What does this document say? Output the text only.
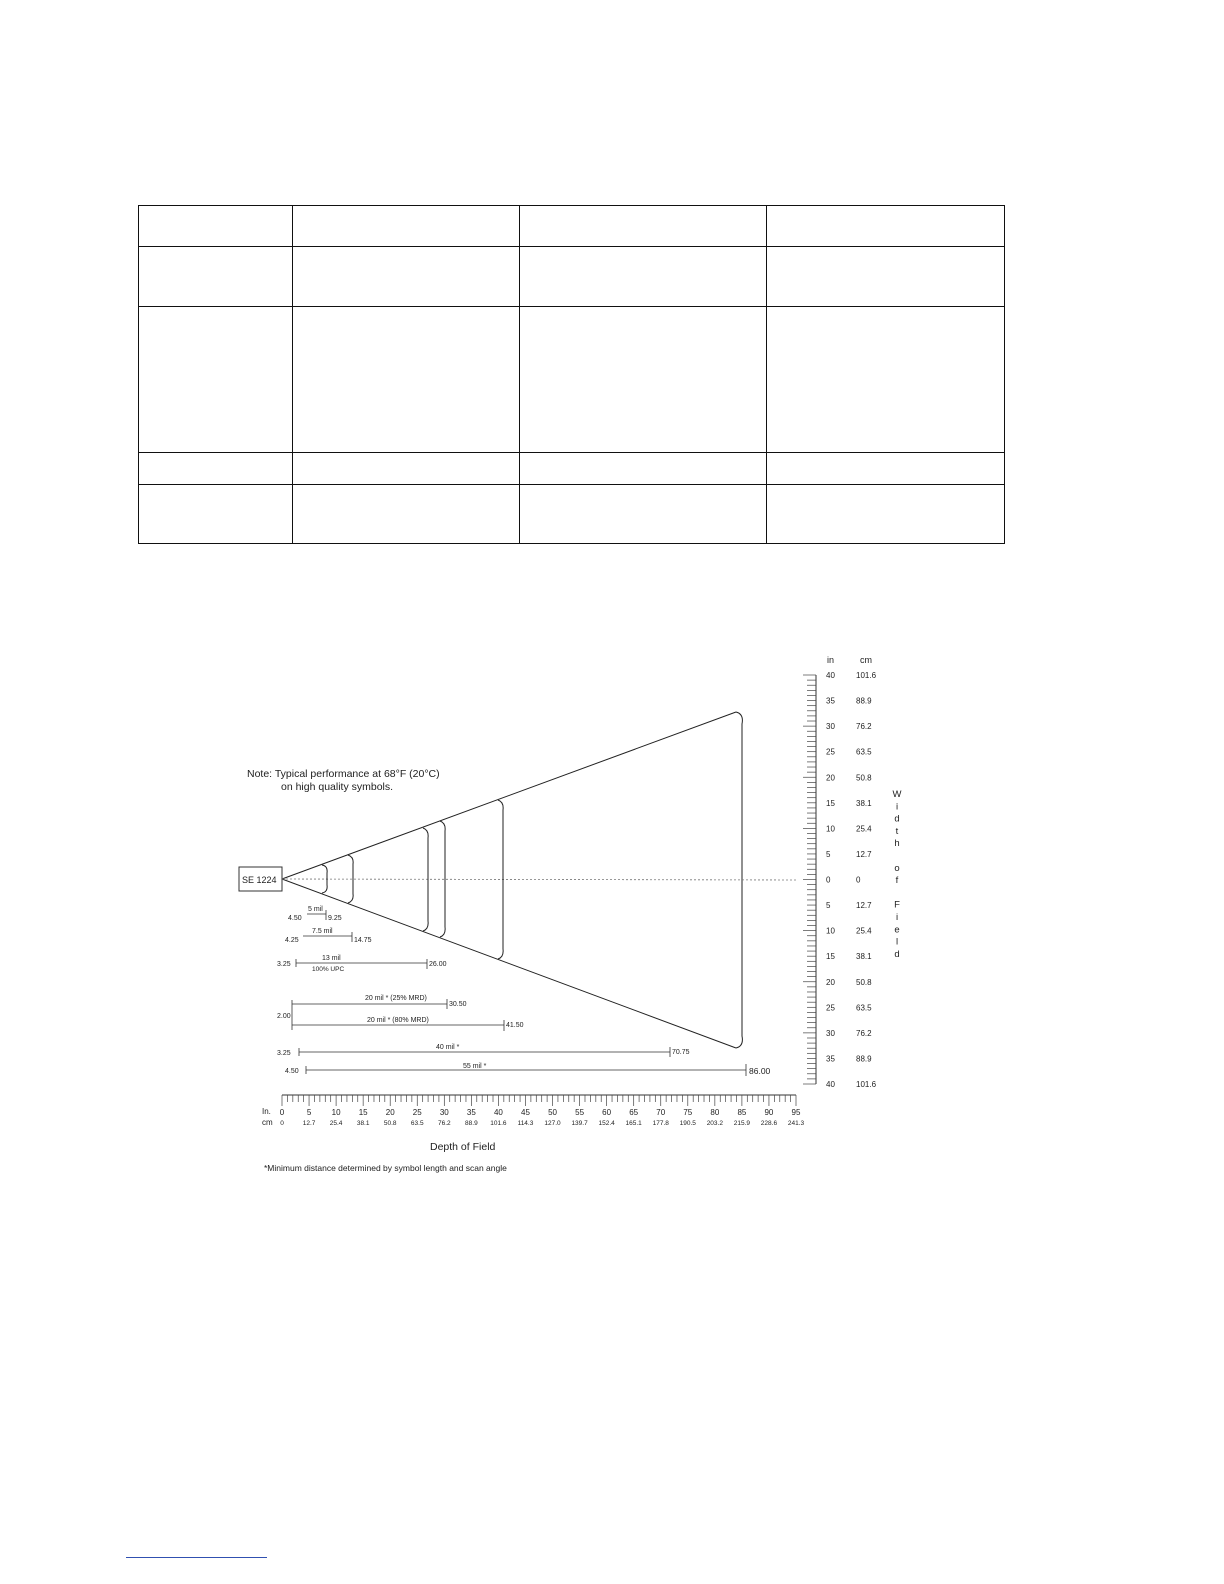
Note: Typical performance at 68°F (20°C)
on high quality symbols.
SE 1224
5 mil
4.50	9.25
7.5 mil
4.25	14.75
13 mil
100% UPC
3.25	26.00
20 mil * (25% MRD)
2.00
30.50
20 mil * (80% MRD)
41.50
40 mil *
3.25	70.75
55 mil *
4.50	86.00
in	cm
40	101.6
35	88.9
30	76.2
25	63.5
20	50.8
15	38.1
10	25.4
5	12.7
0	0
5	12.7
10	25.4
15	38.1
20	50.8
25	63.5
30	76.2
35	88.9
40	101.6
W
i
d
t
h
o
f
F
i
e
l
d
In.
cm
0
0
5
12.7
10
25.4
15
38.1
20
50.8
25
63.5
30
76.2
35
88.9
40
101.6
45
114.3
50
127.0
55
139.7
60
152.4
65
165.1
70
177.8
75
190.5
80
203.2
85
215.9
90
228.6
95
241.3
Depth of Field
*Minimum distance determined by symbol length and scan angle
